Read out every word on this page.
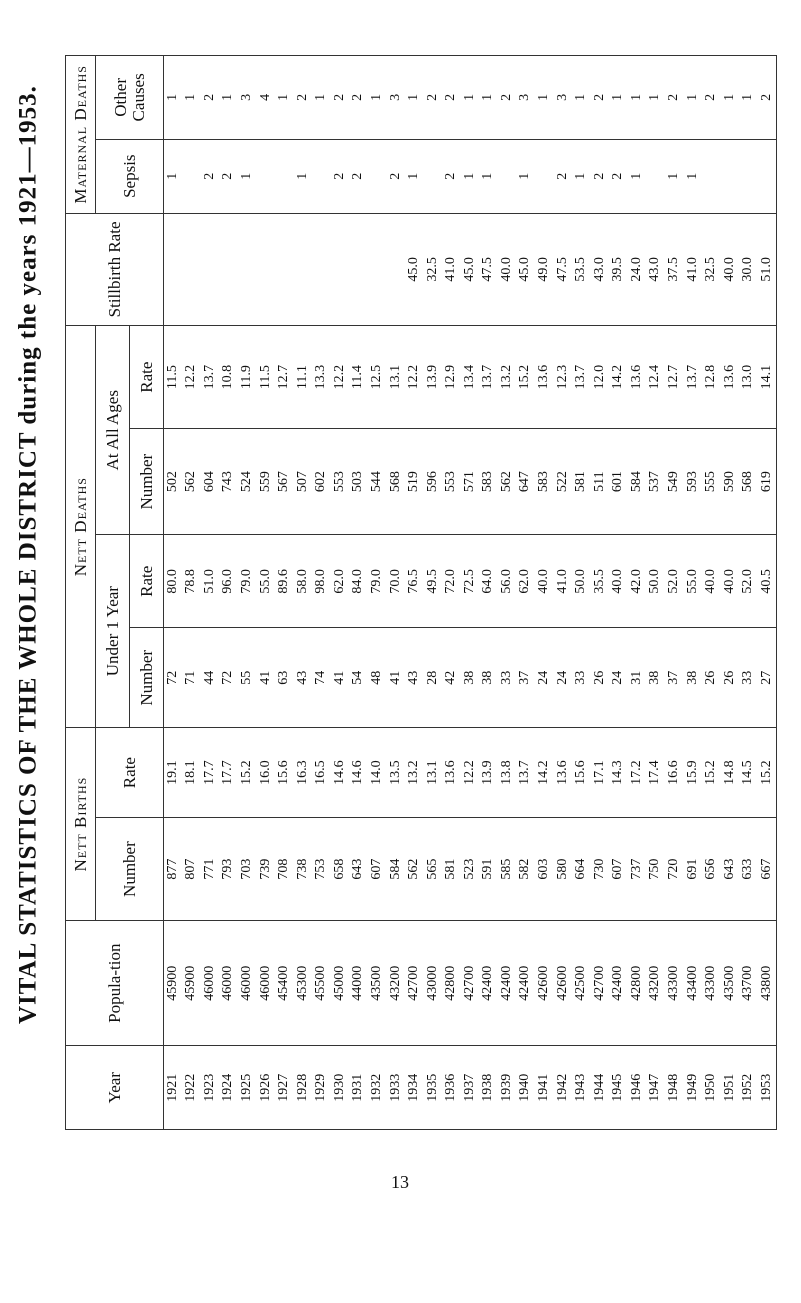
VITAL STATISTICS OF THE WHOLE DISTRICT during the years 1921—1953.
Year	Popula-tion	Nett Births		Nett Deaths				Stillbirth Rate	Maternal Deaths	
		Number	Rate	Under 1 Year		At All Ages			Sepsis	Other Causes
				Number	Rate	Number	Rate			
1921	45900	877	19.1	72	80.0	502	11.5		1	1
1922	45900	807	18.1	71	78.8	562	12.2			1
1923	46000	771	17.7	44	51.0	604	13.7		2	2
1924	46000	793	17.7	72	96.0	743	10.8		2	1
1925	46000	703	15.2	55	79.0	524	11.9		1	3
1926	46000	739	16.0	41	55.0	559	11.5			4
1927	45400	708	15.6	63	89.6	567	12.7			1
1928	45300	738	16.3	43	58.0	507	11.1		1	2
1929	45500	753	16.5	74	98.0	602	13.3			1
1930	45000	658	14.6	41	62.0	553	12.2		2	2
1931	44000	643	14.6	54	84.0	503	11.4		2	2
1932	43500	607	14.0	48	79.0	544	12.5			1
1933	43200	584	13.5	41	70.0	568	13.1		2	3
1934	42700	562	13.2	43	76.5	519	12.2	45.0	1	1
1935	43000	565	13.1	28	49.5	596	13.9	32.5		2
1936	42800	581	13.6	42	72.0	553	12.9	41.0	2	2
1937	42700	523	12.2	38	72.5	571	13.4	45.0	1	1
1938	42400	591	13.9	38	64.0	583	13.7	47.5	1	1
1939	42400	585	13.8	33	56.0	562	13.2	40.0		2
1940	42400	582	13.7	37	62.0	647	15.2	45.0	1	3
1941	42600	603	14.2	24	40.0	583	13.6	49.0		1
1942	42600	580	13.6	24	41.0	522	12.3	47.5	2	3
1943	42500	664	15.6	33	50.0	581	13.7	53.5	1	1
1944	42700	730	17.1	26	35.5	511	12.0	43.0	2	2
1945	42400	607	14.3	24	40.0	601	14.2	39.5	2	1
1946	42800	737	17.2	31	42.0	584	13.6	24.0	1	1
1947	43200	750	17.4	38	50.0	537	12.4	43.0		1
1948	43300	720	16.6	37	52.0	549	12.7	37.5	1	2
1949	43400	691	15.9	38	55.0	593	13.7	41.0	1	1
1950	43300	656	15.2	26	40.0	555	12.8	32.5		2
1951	43500	643	14.8	26	40.0	590	13.6	40.0		1
1952	43700	633	14.5	33	52.0	568	13.0	30.0		1
1953	43800	667	15.2	27	40.5	619	14.1	51.0		2
13
